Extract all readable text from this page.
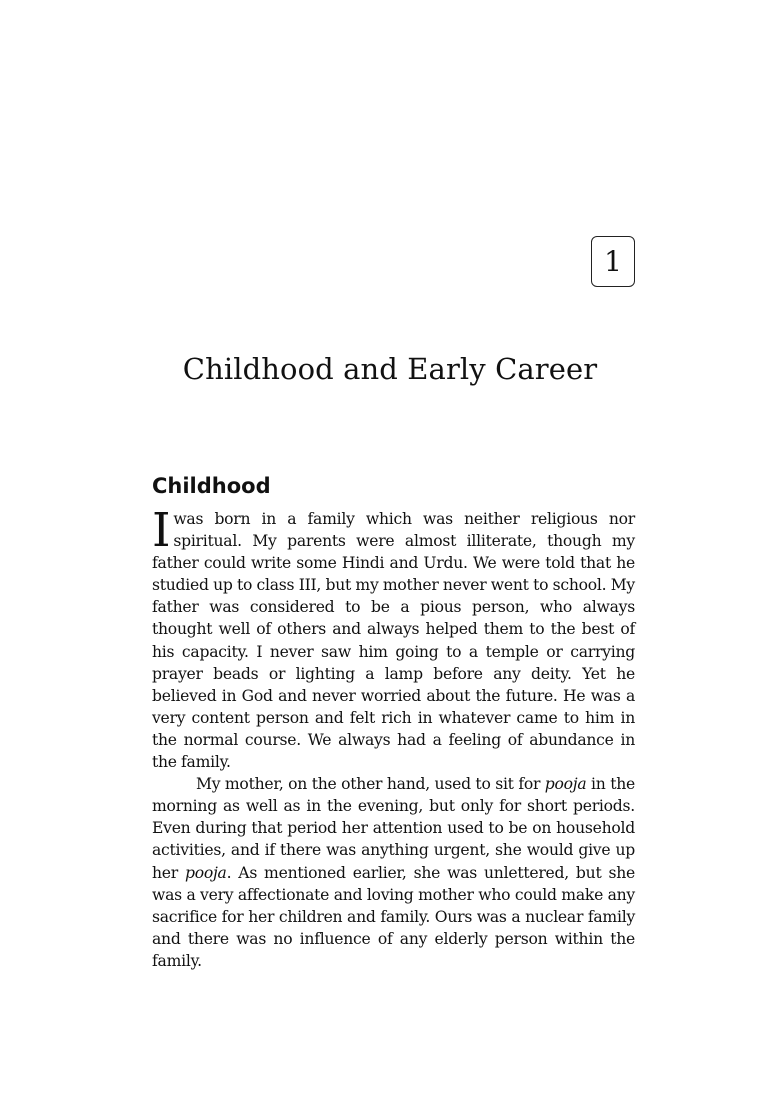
1
Childhood and Early Career
Childhood

Iwas born in a family which was neither religious nor spiritual. My parents were almost illiterate, though my father could write some Hindi and Urdu. We were told that he studied up to class III, but my mother never went to school. My father was considered to be a pious person, who always thought well of others and always helped them to the best of his capacity. I never saw him going to a temple or carrying prayer beads or lighting a lamp before any deity. Yet he believed in God and never worried about the future. He was a very content person and felt rich in whatever came to him in the normal course. We always had a feeling of abundance in the family.

My mother, on the other hand, used to sit for pooja in the morning as well as in the evening, but only for short periods. Even during that period her attention used to be on household activities, and if there was anything urgent, she would give up her pooja. As mentioned earlier, she was unlettered, but she was a very affectionate and loving mother who could make any sacrifice for her children and family. Ours was a nuclear family and there was no influence of any elderly person within the family.
